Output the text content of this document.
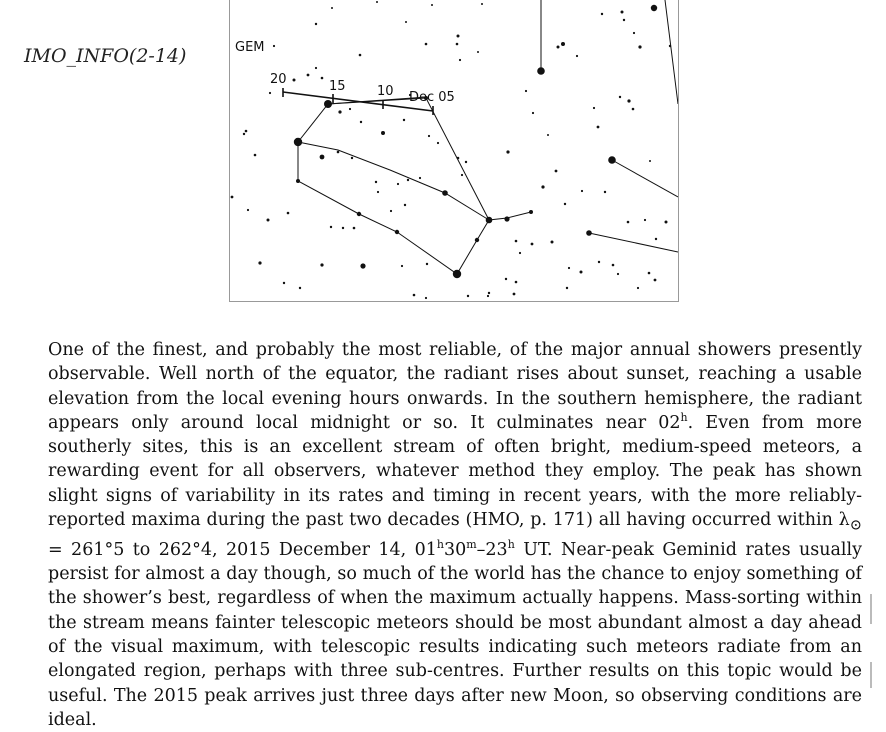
IMO_INFO(2-14)	GEM
20	15 10 Dec 05
One of the finest, and probably the most reliable, of the major annual showers presently observable. Well north of the equator, the radiant rises about sunset, reaching a usable elevation from the local evening hours onwards. In the southern hemisphere, the radiant appears only around local midnight or so. It culminates near 02$^h$. Even from more southerly sites, this is an excellent stream of often bright, medium-speed meteors, a rewarding event for all observers, whatever method they employ. The peak has shown slight signs of variability in its rates and timing in recent years, with the more reliably-reported maxima during the past two decades (HMO, p. 171) all having occurred within $\lambda_⊙ = 261^\circ 5$ to 262°4, 2015 December 14, 01$^h$30$^m$–23$^h$ UT. Near-peak Geminid rates usually persist for almost a day though, so much of the world has the chance to enjoy something of the shower’s best, regardless of when the maximum actually happens. Mass-sorting within the stream means fainter telescopic meteors should be most abundant almost a day ahead of the visual maximum, with telescopic results indicating such meteors radiate from an elongated region, perhaps with three sub-centres. Further results on this topic would be useful. The 2015 peak arrives just three days after new Moon, so observing conditions are ideal.
